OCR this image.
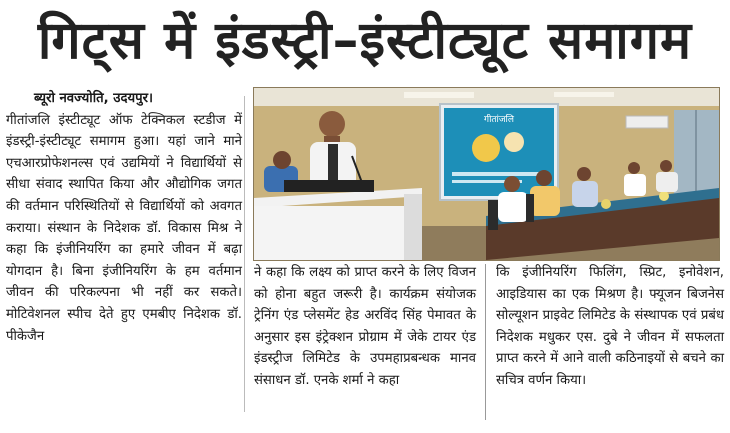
गिट्स में इंडस्ट्री–इंस्टीट्यूट समागम

ब्यूरो नवज्योति, उदयपुर।

गीतांजलि इंस्टीट्यूट ऑफ टेक्निकल स्टडीज में इंडस्ट्री-इंस्टीट्यूट समागम हुआ। यहां जाने माने एचआरप्रोफेशनल्स एवं उद्यमियों ने विद्यार्थियों से सीधा संवाद स्थापित किया और औद्योगिक जगत की वर्तमान परिस्थितियों से विद्यार्थियों को अवगत कराया। संस्थान के निदेशक डॉ. विकास मिश्र ने कहा कि इंजीनियरिंग का हमारे जीवन में बढ़ा योगदान है। बिना इंजीनियरिंग के हम वर्तमान जीवन की परिकल्पना भी नहीं कर सकते। मोटिवेशनल स्पीच देते हुए एमबीए निदेशक डॉ. पीकेजैन

गीतांजलि

ने कहा कि लक्ष्य को प्राप्त करने के लिए विजन को होना बहुत जरूरी है। कार्यक्रम संयोजक ट्रेनिंग एंड प्लेसमेंट हेड अरविंद सिंह पेमावत के अनुसार इस इंट्रेक्शन प्रोग्राम में जेके टायर एंड इंडस्ट्रीज लिमिटेड के उपमहाप्रबन्धक मानव संसाधन डॉ. एनके शर्मा ने कहा

कि इंजीनियरिंग फिलिंग, स्प्रिट, इनोवेशन, आइडियास का एक मिश्रण है। फ्यूजन बिजनेस सोल्यूशन प्राइवेट लिमिटेड के संस्थापक एवं प्रबंध निदेशक मधुकर एस. दुबे ने जीवन में सफलता प्राप्त करने में आने वाली कठिनाइयों से बचने का सचित्र वर्णन किया।
